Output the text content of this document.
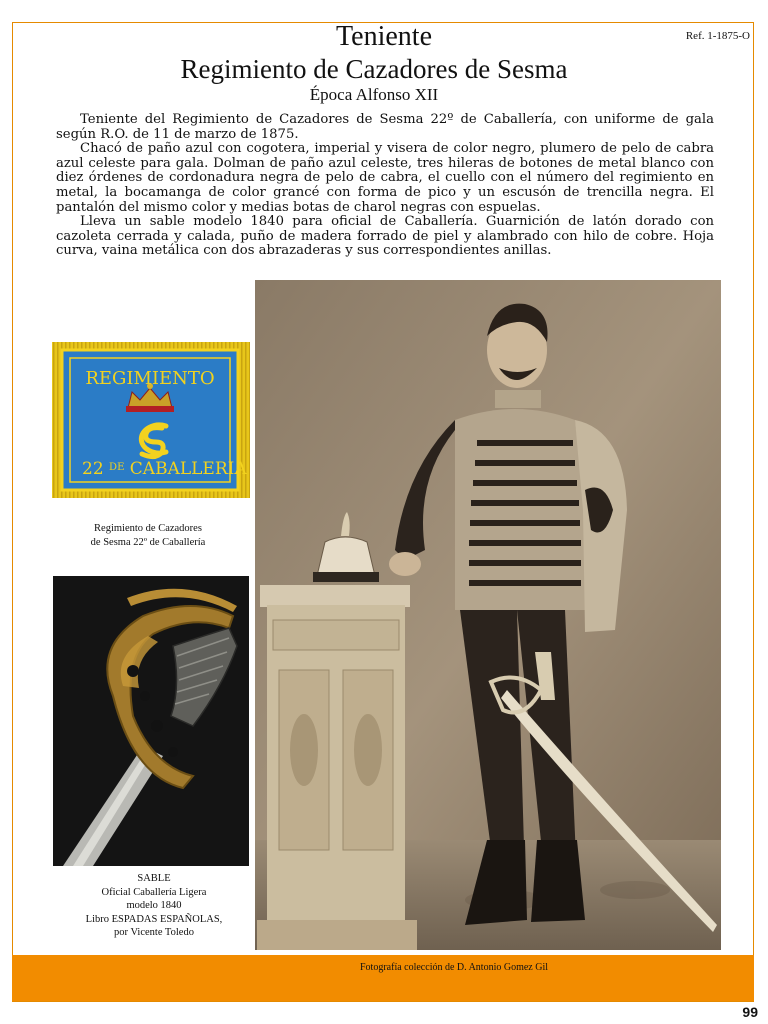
Ref. 1-1875-O
Teniente
Regimiento de Cazadores de Sesma
Época Alfonso XII

Teniente del Regimiento de Cazadores de Sesma 22º de Caballería, con uniforme de gala según R.O. de 11 de marzo de 1875.

Chacó de paño azul con cogotera, imperial y visera de color negro, plumero de pelo de cabra azul celeste para gala. Dolman de paño azul celeste, tres hileras de botones de metal blanco con diez órdenes de cordonadura negra de pelo de cabra, el cuello con el número del regimiento en metal, la bocamanga de color grancé con forma de pico y un escusón de trencilla negra. El pantalón del mismo color y medias botas de charol negras con espuelas.

Lleva un sable modelo 1840 para oficial de Caballería. Guarnición de latón dorado con cazoleta cerrada y calada, puño de madera forrado de piel y alambrado con hilo de cobre. Hoja curva, vaina metálica con dos abrazaderas y sus correspondientes anillas.

REGIMIENTO
22 $^{DE}$ CABALLERIA
Regimiento de Cazadores
de Sesma 22º de Caballería
SABLE
Oficial Caballería Ligera
modelo 1840
Libro ESPADAS ESPAÑOLAS,
por Vicente Toledo
Fotografía colección de D. Antonio Gomez Gil
99
